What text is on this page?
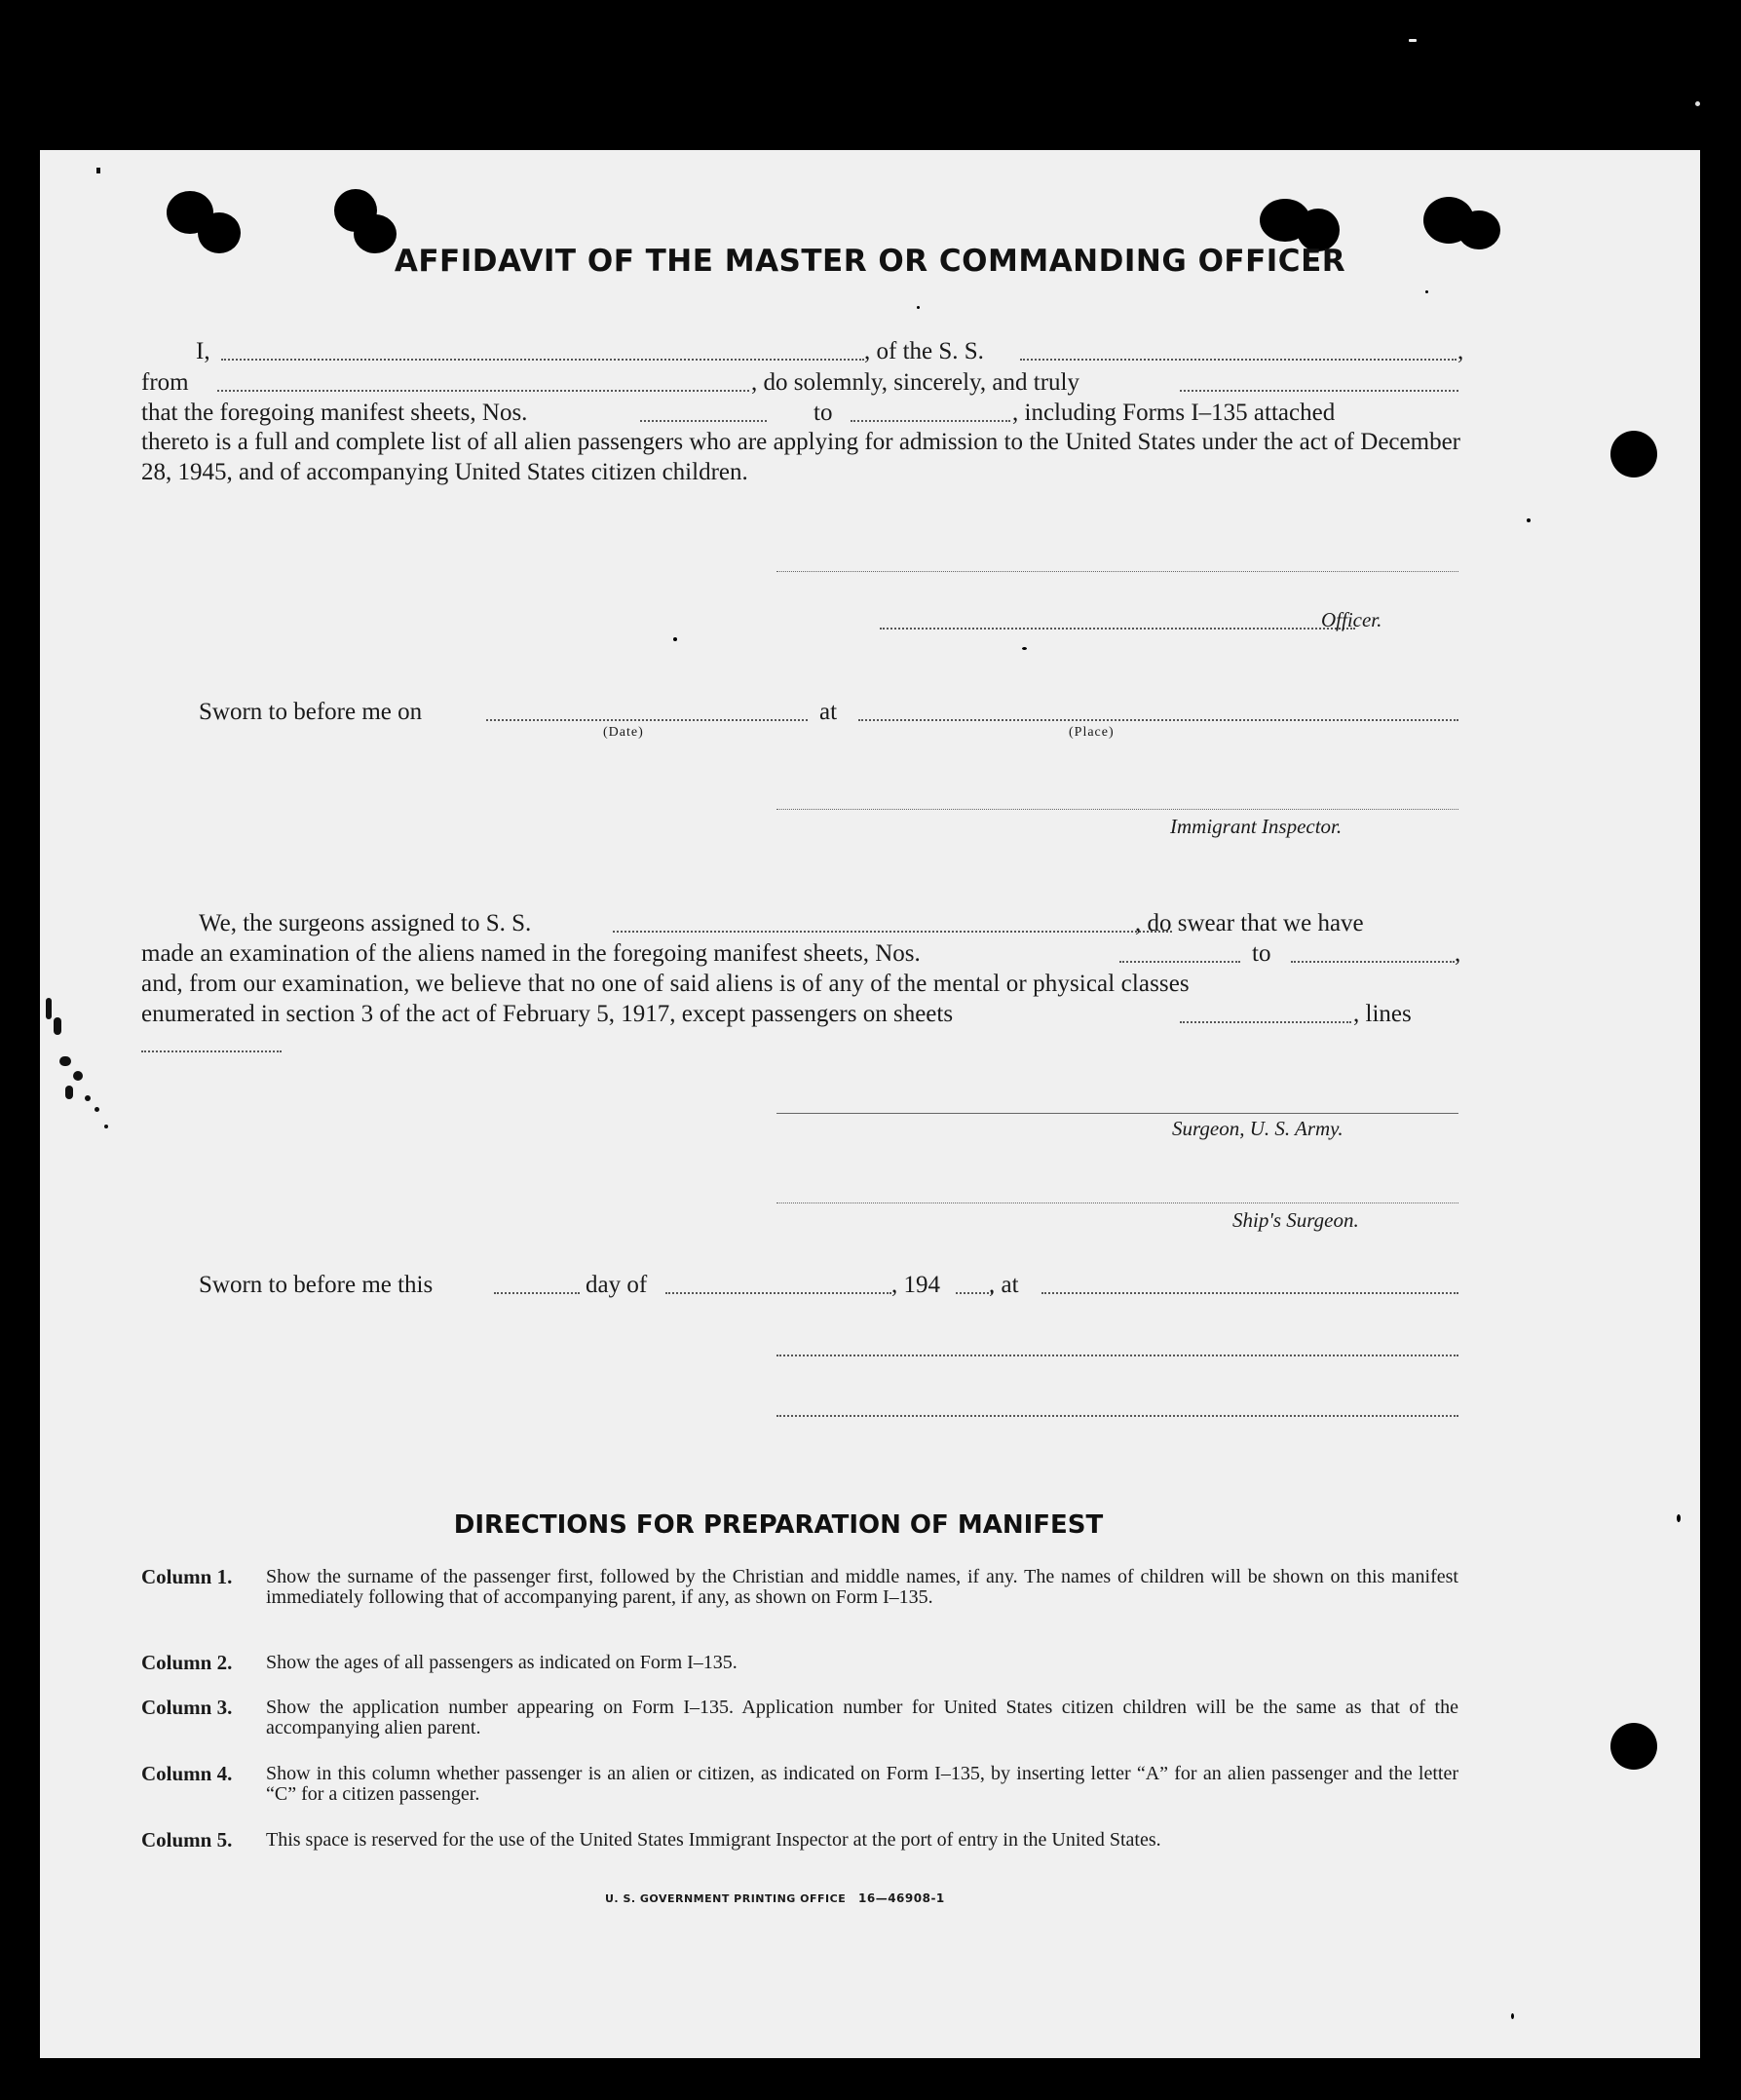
AFFIDAVIT OF THE MASTER OR COMMANDING OFFICER
I,	, of the S. S.	,
from	, do solemnly, sincerely, and truly
that the foregoing manifest sheets, Nos.	to	, including Forms I–135 attached
thereto is a full and complete list of all alien passengers who are applying for admission to the United States under the act of December 28, 1945, and of accompanying United States citizen children.
Officer.
Sworn to before me on
(Date)
at
(Place)
Immigrant Inspector.
We, the surgeons assigned to S. S.	, do swear that we have
made an examination of the aliens named in the foregoing manifest sheets, Nos.	to	,
and, from our examination, we believe that no one of said aliens is of any of the mental or physical classes
enumerated in section 3 of the act of February 5, 1917, except passengers on sheets	, lines
Surgeon, U. S. Army.
Ship's Surgeon.
Sworn to before me this	day of	, 194 , at
DIRECTIONS FOR PREPARATION OF MANIFEST
Column 1. Show the surname of the passenger first, followed by the Christian and middle names, if any. The names of children will be shown on this manifest immediately following that of accompanying parent, if any, as shown on Form I–135.
Column 2. Show the ages of all passengers as indicated on Form I–135.
Column 3. Show the application number appearing on Form I–135. Application number for United States citizen children will be the same as that of the accompanying alien parent.
Column 4. Show in this column whether passenger is an alien or citizen, as indicated on Form I–135, by inserting letter “A” for an alien passenger and the letter “C” for a citizen passenger.
Column 5. This space is reserved for the use of the United States Immigrant Inspector at the port of entry in the United States.
U. S. GOVERNMENT PRINTING OFFICE 16—46908-1
